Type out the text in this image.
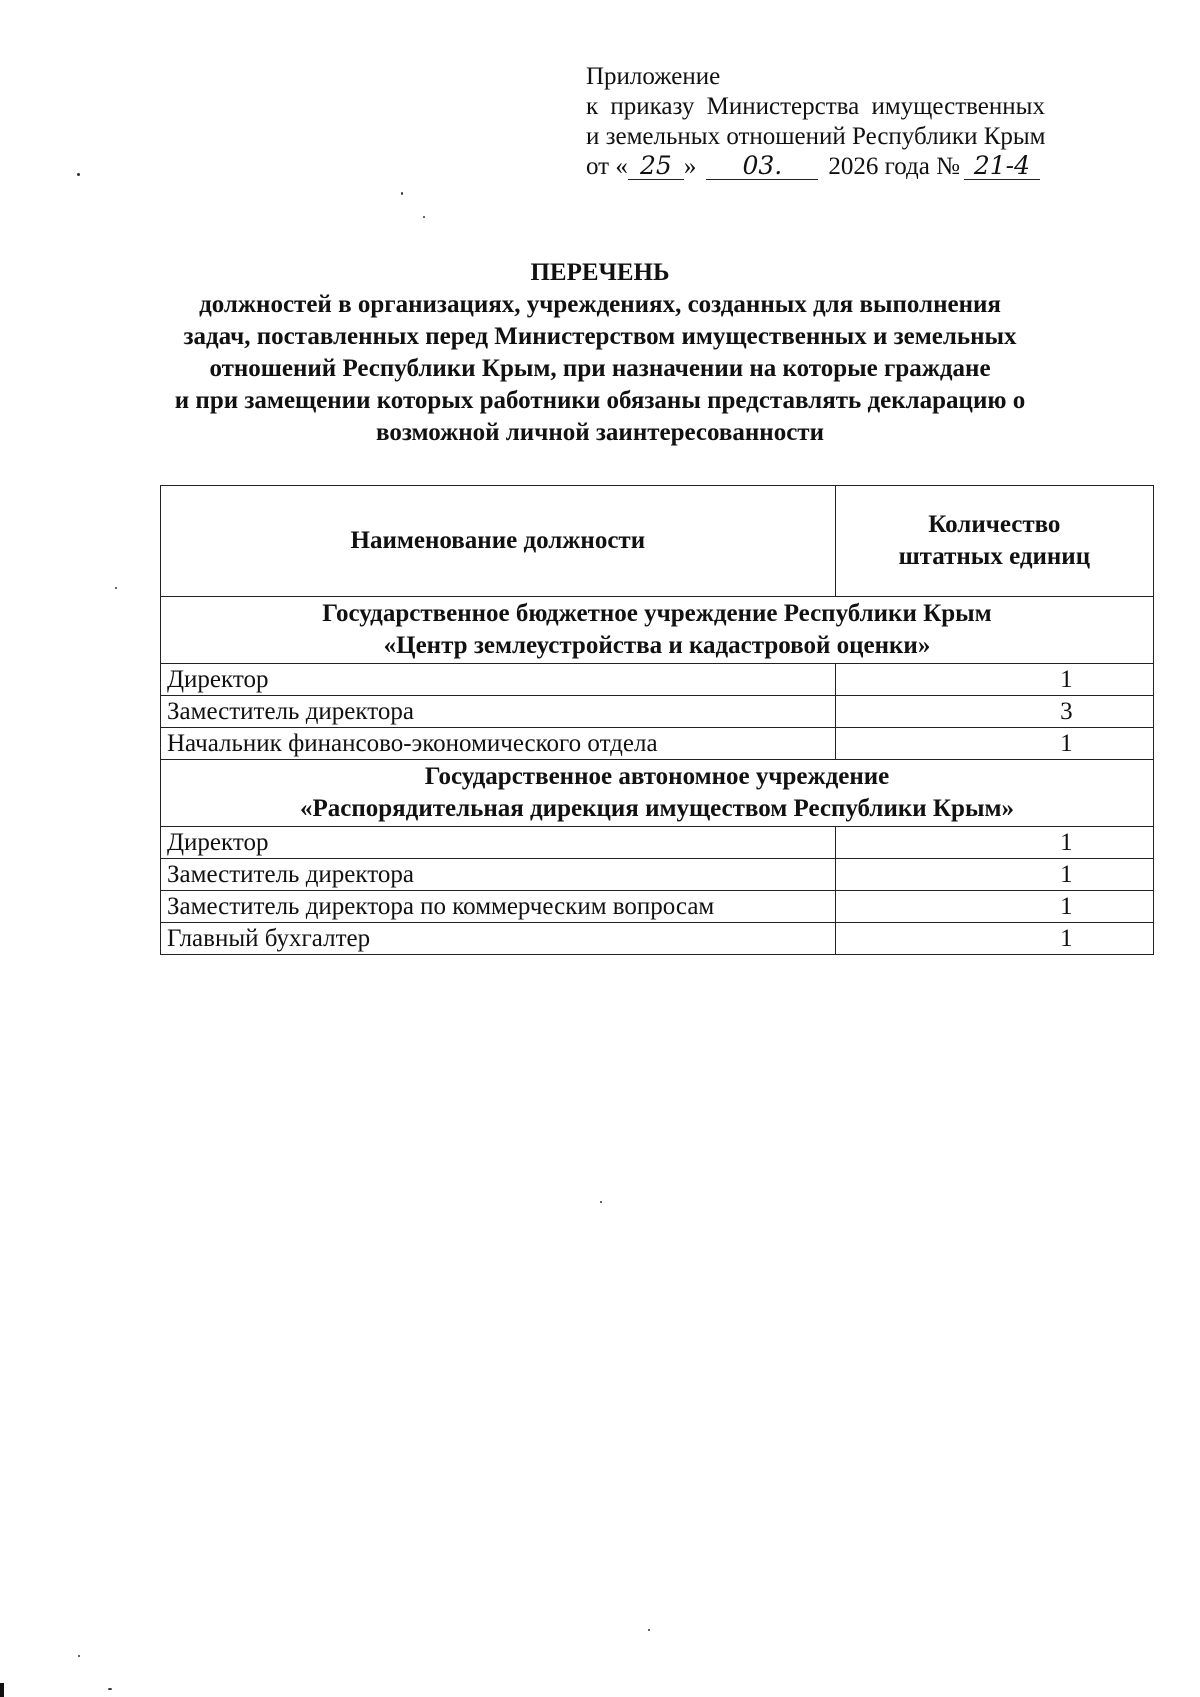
Приложение
к приказу Министерства имущественных
и земельных отношений Республики Крым
от « 25 » 03. 2026 года № 21-4
ПЕРЕЧЕНЬ
должностей в организациях, учреждениях, созданных для выполнения
задач, поставленных перед Министерством имущественных и земельных
отношений Республики Крым, при назначении на которые граждане
и при замещении которых работники обязаны представлять декларацию о
возможной личной заинтересованности
Наименование должности	Количество
штатных единиц
Государственное бюджетное учреждение Республики Крым
«Центр землеустройства и кадастровой оценки»	
Директор	1
Заместитель директора	3
Начальник финансово-экономического отдела	1
Государственное автономное учреждение
«Распорядительная дирекция имуществом Республики Крым»	
Директор	1
Заместитель директора	1
Заместитель директора по коммерческим вопросам	1
Главный бухгалтер	1
